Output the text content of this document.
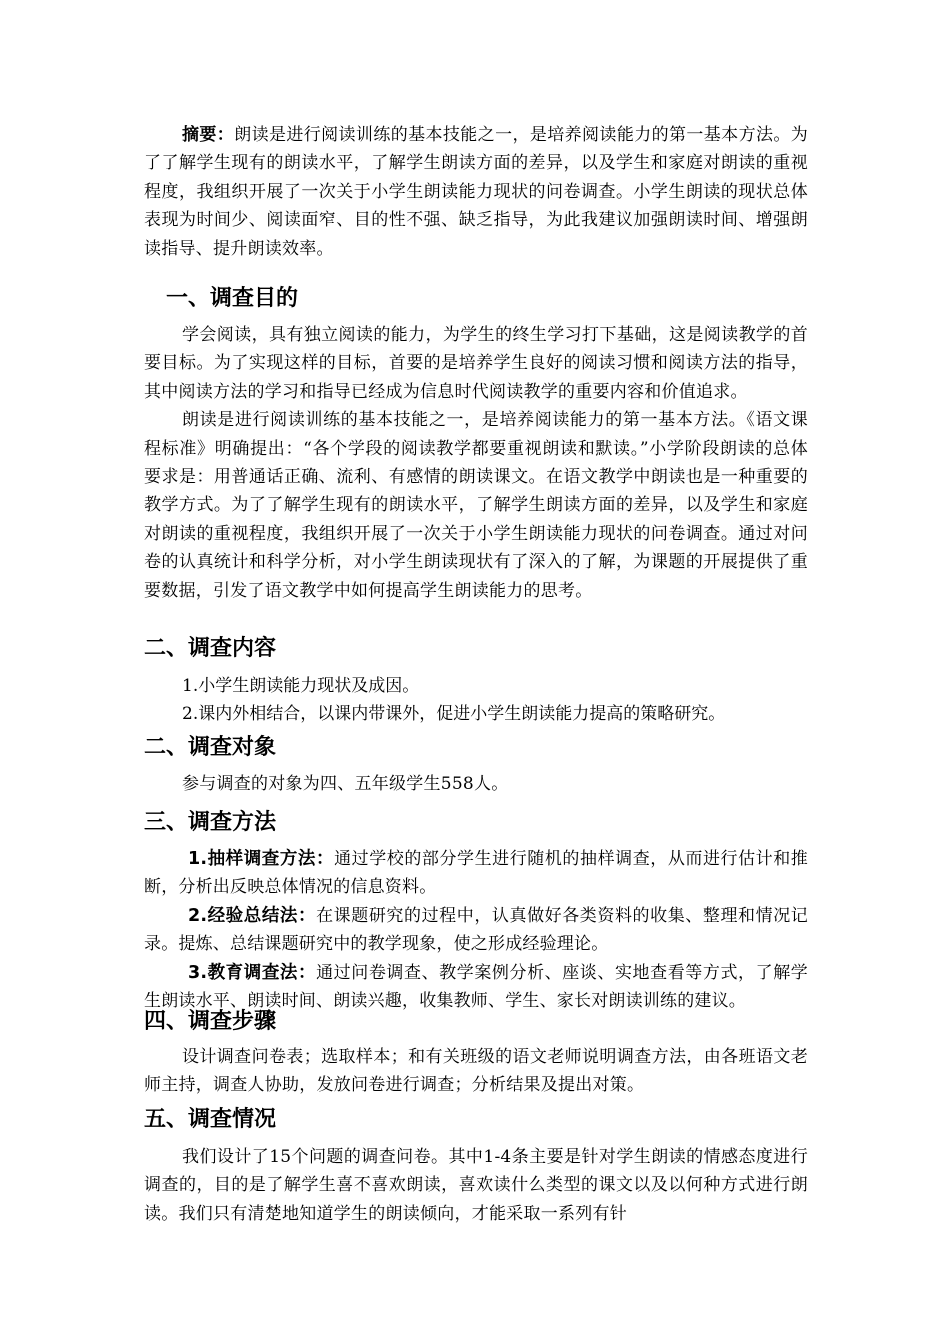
摘要：朗读是进行阅读训练的基本技能之一，是培养阅读能力的第一基本方法。为了了解学生现有的朗读水平，了解学生朗读方面的差异，以及学生和家庭对朗读的重视程度，我组织开展了一次关于小学生朗读能力现状的问卷调查。小学生朗读的现状总体表现为时间少、阅读面窄、目的性不强、缺乏指导，为此我建议加强朗读时间、增强朗读指导、提升朗读效率。

一、调查目的

学会阅读，具有独立阅读的能力，为学生的终生学习打下基础，这是阅读教学的首要目标。为了实现这样的目标，首要的是培养学生良好的阅读习惯和阅读方法的指导，其中阅读方法的学习和指导已经成为信息时代阅读教学的重要内容和价值追求。

朗读是进行阅读训练的基本技能之一，是培养阅读能力的第一基本方法。《语文课程标准》明确提出：“各个学段的阅读教学都要重视朗读和默读。”小学阶段朗读的总体要求是：用普通话正确、流利、有感情的朗读课文。在语文教学中朗读也是一种重要的教学方式。为了了解学生现有的朗读水平，了解学生朗读方面的差异，以及学生和家庭对朗读的重视程度，我组织开展了一次关于小学生朗读能力现状的问卷调查。通过对问卷的认真统计和科学分析，对小学生朗读现状有了深入的了解，为课题的开展提供了重要数据，引发了语文教学中如何提高学生朗读能力的思考。

二、调查内容

1.小学生朗读能力现状及成因。

2.课内外相结合，以课内带课外，促进小学生朗读能力提高的策略研究。

二、调查对象

参与调查的对象为四、五年级学生558人。

三、调查方法

1.抽样调查方法：通过学校的部分学生进行随机的抽样调查，从而进行估计和推断，分析出反映总体情况的信息资料。

2.经验总结法：在课题研究的过程中，认真做好各类资料的收集、整理和情况记录。提炼、总结课题研究中的教学现象，使之形成经验理论。

3.教育调查法：通过问卷调查、教学案例分析、座谈、实地查看等方式，了解学生朗读水平、朗读时间、朗读兴趣，收集教师、学生、家长对朗读训练的建议。

四、调查步骤

设计调查问卷表；选取样本；和有关班级的语文老师说明调查方法，由各班语文老师主持，调查人协助，发放问卷进行调查；分析结果及提出对策。

五、调查情况

我们设计了15个问题的调查问卷。其中1-4条主要是针对学生朗读的情感态度进行调查的，目的是了解学生喜不喜欢朗读，喜欢读什么类型的课文以及以何种方式进行朗读。我们只有清楚地知道学生的朗读倾向，才能采取一系列有针
